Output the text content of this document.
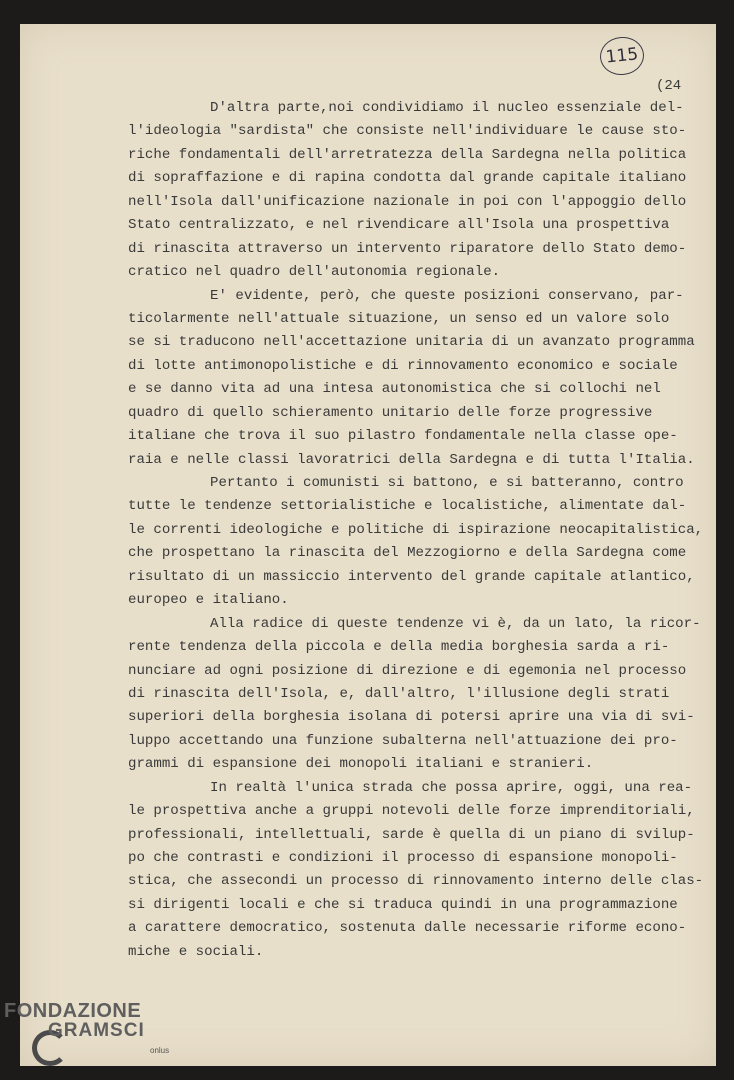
115
(24
D'altra parte,noi condividiamo il nucleo essenziale del-
l'ideologia "sardista" che consiste nell'individuare le cause sto-
riche fondamentali dell'arretratezza della Sardegna nella politica
di sopraffazione e di rapina condotta dal grande capitale italiano
nell'Isola dall'unificazione nazionale in poi con l'appoggio dello
Stato centralizzato, e nel rivendicare all'Isola una prospettiva
di rinascita attraverso un intervento riparatore dello Stato demo-
cratico nel quadro dell'autonomia regionale.
E' evidente, però, che queste posizioni conservano, par-
ticolarmente nell'attuale situazione, un senso ed un valore solo
se si traducono nell'accettazione unitaria di un avanzato programma
di lotte antimonopolistiche e di rinnovamento economico e sociale
e se danno vita ad una intesa autonomistica che si collochi nel
quadro di quello schieramento unitario delle forze progressive
italiane che trova il suo pilastro fondamentale nella classe ope-
raia e nelle classi lavoratrici della Sardegna e di tutta l'Italia.
Pertanto i comunisti si battono, e si batteranno, contro
tutte le tendenze settorialistiche e localistiche, alimentate dal-
le correnti ideologiche e politiche di ispirazione neocapitalistica,
che prospettano la rinascita del Mezzogiorno e della Sardegna come
risultato di un massiccio intervento del grande capitale atlantico,
europeo e italiano.
Alla radice di queste tendenze vi è, da un lato, la ricor-
rente tendenza della piccola e della media borghesia sarda a ri-
nunciare ad ogni posizione di direzione e di egemonia nel processo
di rinascita dell'Isola, e, dall'altro, l'illusione degli strati
superiori della borghesia isolana di potersi aprire una via di svi-
luppo accettando una funzione subalterna nell'attuazione dei pro-
grammi di espansione dei monopoli italiani e stranieri.
In realtà l'unica strada che possa aprire, oggi, una rea-
le prospettiva anche a gruppi notevoli delle forze imprenditoriali,
professionali, intellettuali, sarde è quella di un piano di svilup-
po che contrasti e condizioni il processo di espansione monopoli-
stica, che assecondi un processo di rinnovamento interno delle clas-
si dirigenti locali e che si traduca quindi in una programmazione
a carattere democratico, sostenuta dalle necessarie riforme econo-
miche e sociali.
FONDAZIONE
GRAMSCI
onlus
